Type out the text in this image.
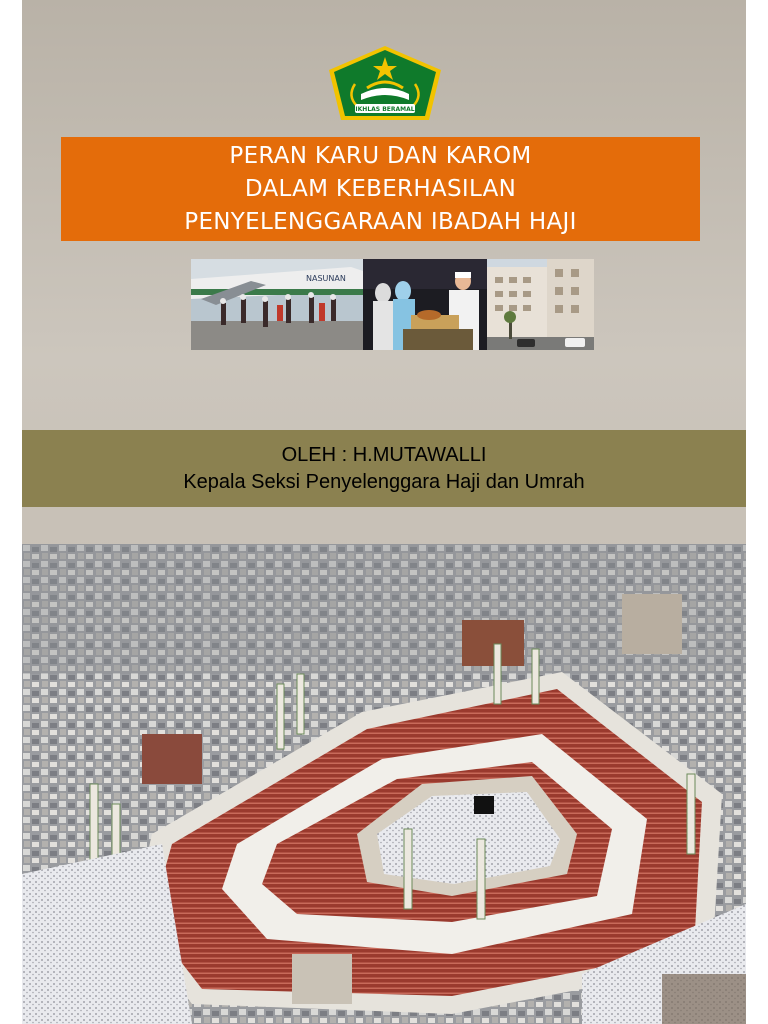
IKHLAS BERAMAL
PERAN KARU DAN KAROM
DALAM KEBERHASILAN
PENYELENGGARAAN IBADAH HAJI
NASUNAN
OLEH : H.MUTAWALLI
Kepala Seksi Penyelenggara Haji dan Umrah
